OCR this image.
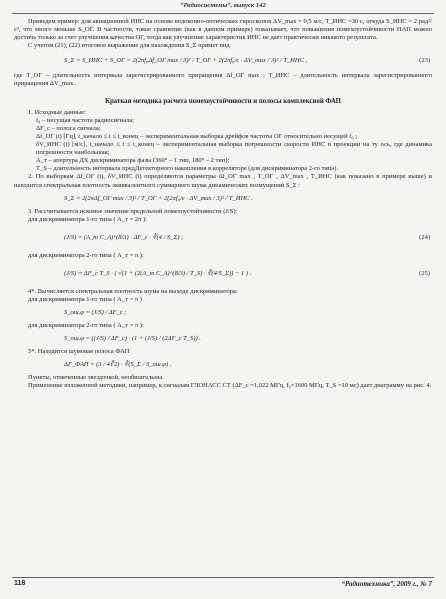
“Радиосистемы”, выпуск 142

Приведем пример: для авиационной ИНС на основе волоконно-оптических гироскопов ΔV_max = 0,5 м/c, T_ИНС =30 с, откуда S_ИНС = 2 рад²/с³, что много меньше S_ОГ. В частности, такое сравнение (как в данном примере) показывает, что повышения помехоустойчивости НАП можно достичь только за счет улучшения качества ОГ, тогда как улучшение характеристик ИНС не дает практически никакого результата.

С учетом (21), (22) итоговое выражение для нахождения S_Σ примет вид

S_Σ = S_ИНС + S_ОГ = 2(2πf₀Δf_ОГ max / 3)² / T_ОГ + 2(2πf₀/c · ΔV_max / 3)² / T_ИНС ,	(23)

где T_ОГ – длительность интервала зарегистрированного приращения Δf_ОГ max ; T_ИНС – длительность интервала зарегистрированного приращения ΔV_max .

Краткая методика расчета помехоустойчивости и полосы комплексной ФАП

1. Исходные данные:

f₀ – несущая частота радиосигнала;

ΔF_c – полоса сигнала;

Δf_ОГ (t) [Гц], t_начало ≤ t ≤ t_конец – экспериментальная выборка дрейфов частоты ОГ относительно несущей f₀ ;

δV_ИНС (t) [м/с], t_начало ≤ t ≤ t_конец – экспериментальная выборка погрешности скорости ИНС в проекции на ту ось, где динамика погрешности наибольшая;

A_т – апертура ДХ дискриминатора фазы (360° – 1 тип, 180° – 2 тип);

T_S – длительность интервала предДетекторного накопления в корреляторе (для дискриминатора 2-го типа).

2. По выборкам Δf_ОГ (t), δV_ИНС (t) определяются параметры Δf_ОГ max , T_ОГ , ΔV_max , T_ИНС (как показано в примере выше) и находится спектральная плотность эквивалентного суммарного шума динамических возмущений S_Σ :

S_Σ = 2(2πΔf_ОГ max / 3)² / T_ОГ + 2(2πf₀/c · ΔV_max / 3)² / T_ИНС .

3. Рассчитывается искомое значение предельной помехоустойчивости (J/S):

для дискриминатора 1-го типа ( A_т = 2π ):

(J/S) = (A_т C_A)^(8/3) · ΔF_c · ∛(4 / S_Σ) ;	(24)

для дискриминатора 2-го типа ( A_т = π ):

(J/S) = ΔF_c T_S · ( √(1 + (2(A_т C_A)^(8/3) / T_S) · ∛(4/S_Σ)) − 1 ) .	(25)

4*. Вычисляется спектральная плотность шума на выходе дискриминатора:

для дискриминатора 1-го типа ( A_т = π )

S_ош.φ = (J/S) / ΔF_c ;

для дискриминатора 2-го типа ( A_т = π ):

S_ош.φ = ((J/S) / ΔF_c) · (1 + (J/S) / (2ΔF_c T_S)) .

5*. Находится шумовая полоса ФАП

ΔF_ФАП = (3 / 4∛2) · ∛(S_Σ / S_ош.φ) .

Пункты, отмеченные звездочкой, необязательны.

Применение изложенной методики, например, к сигналам ГЛОНАСС СТ (ΔF_c =1,022 МГц, f₀=1600 МГц, T_S =10 мс) дает диаграмму на рис. 4.

118	“Радиотехника”, 2009 г., № 7
